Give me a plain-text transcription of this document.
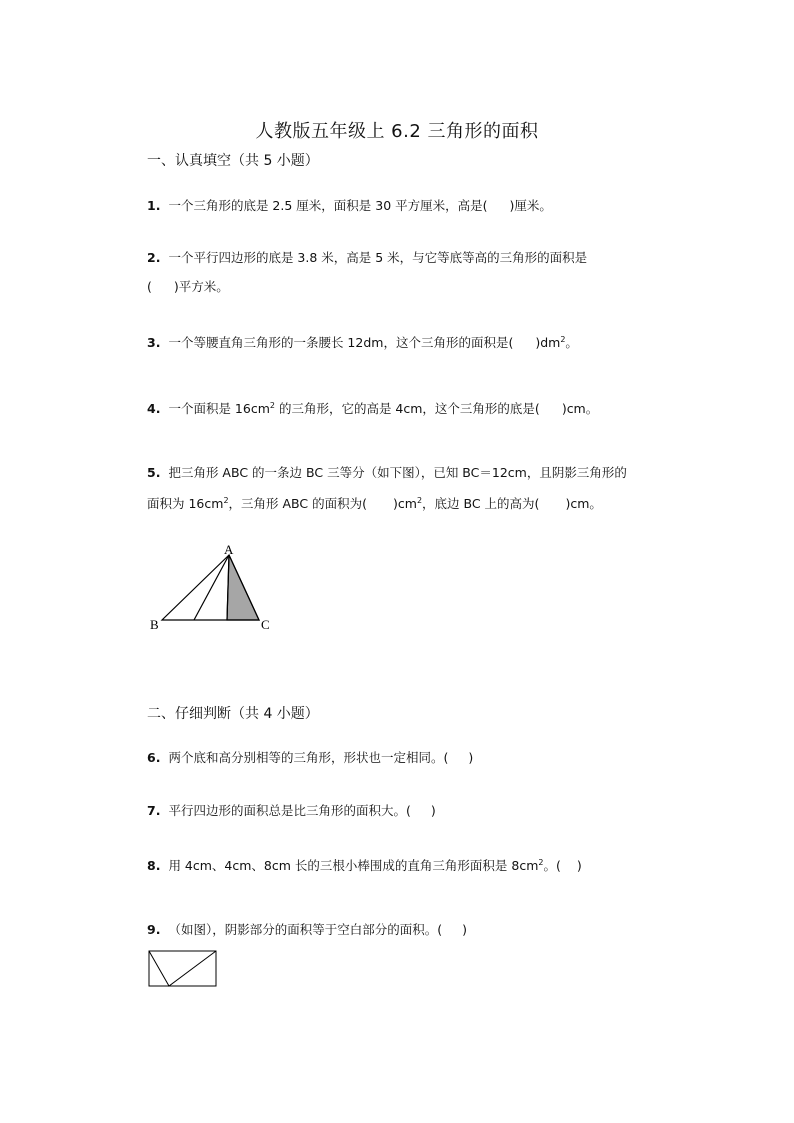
人教版五年级上 6.2 三角形的面积
一、认真填空（共 5 小题）
1. 一个三角形的底是 2.5 厘米，面积是 30 平方厘米，高是( )厘米。
2. 一个平行四边形的底是 3.8 米，高是 5 米，与它等底等高的三角形的面积是
( )平方米。
3. 一个等腰直角三角形的一条腰长 12dm，这个三角形的面积是( )$dm^2$。
4. 一个面积是 $16cm^2$ 的三角形，它的高是 4cm，这个三角形的底是( )cm。
5. 把三角形 ABC 的一条边 BC 三等分（如下图），已知 BC＝12cm，且阴影三角形的
面积为 $16cm^2$，三角形 ABC 的面积为( )$cm^2$，底边 BC 上的高为( )cm。
A
B	C
二、仔细判断（共 4 小题）
6. 两个底和高分别相等的三角形，形状也一定相同。( )
7. 平行四边形的面积总是比三角形的面积大。( )
8. 用 4cm、4cm、8cm 长的三根小棒围成的直角三角形面积是 $8cm^2$。( )
9. （如图），阴影部分的面积等于空白部分的面积。( )
